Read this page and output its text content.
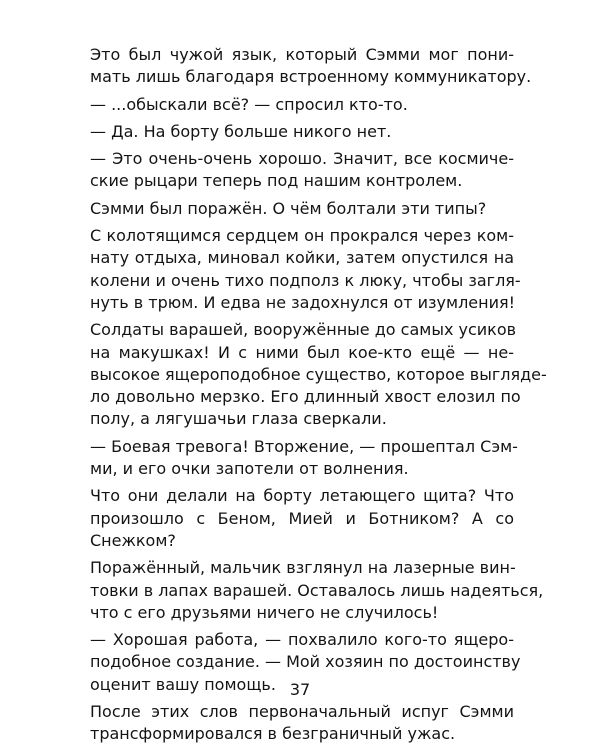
Это был чужой язык, который Сэмми мог пони-
мать лишь благодаря встроенному коммуникатору.

— ...обыскали всё? — спросил кто-то.

— Да. На борту больше никого нет.

— Это очень-очень хорошо. Значит, все космиче-
ские рыцари теперь под нашим контролем.

Сэмми был поражён. О чём болтали эти типы?

С колотящимся сердцем он прокрался через ком-
нату отдыха, миновал койки, затем опустился на
колени и очень тихо подполз к люку, чтобы загля-
нуть в трюм. И едва не задохнулся от изумления!

Солдаты варашей, вооружённые до самых усиков
на макушках! И с ними был кое-кто ещё — не-
высокое ящероподобное существо, которое выгляде-
ло довольно мерзко. Его длинный хвост елозил по
полу, а лягушачьи глаза сверкали.

— Боевая тревога! Вторжение, — прошептал Сэм-
ми, и его очки запотели от волнения.

Что они делали на борту летающего щита? Что
произошло с Беном, Мией и Ботником? А со
Снежком?

Поражённый, мальчик взглянул на лазерные вин-
товки в лапах варашей. Оставалось лишь надеяться,
что с его друзьями ничего не случилось!

— Хорошая работа, — похвалило кого-то ящеро-
подобное создание. — Мой хозяин по достоинству
оценит вашу помощь.

После этих слов первоначальный испуг Сэмми
трансформировался в безграничный ужас.

37
